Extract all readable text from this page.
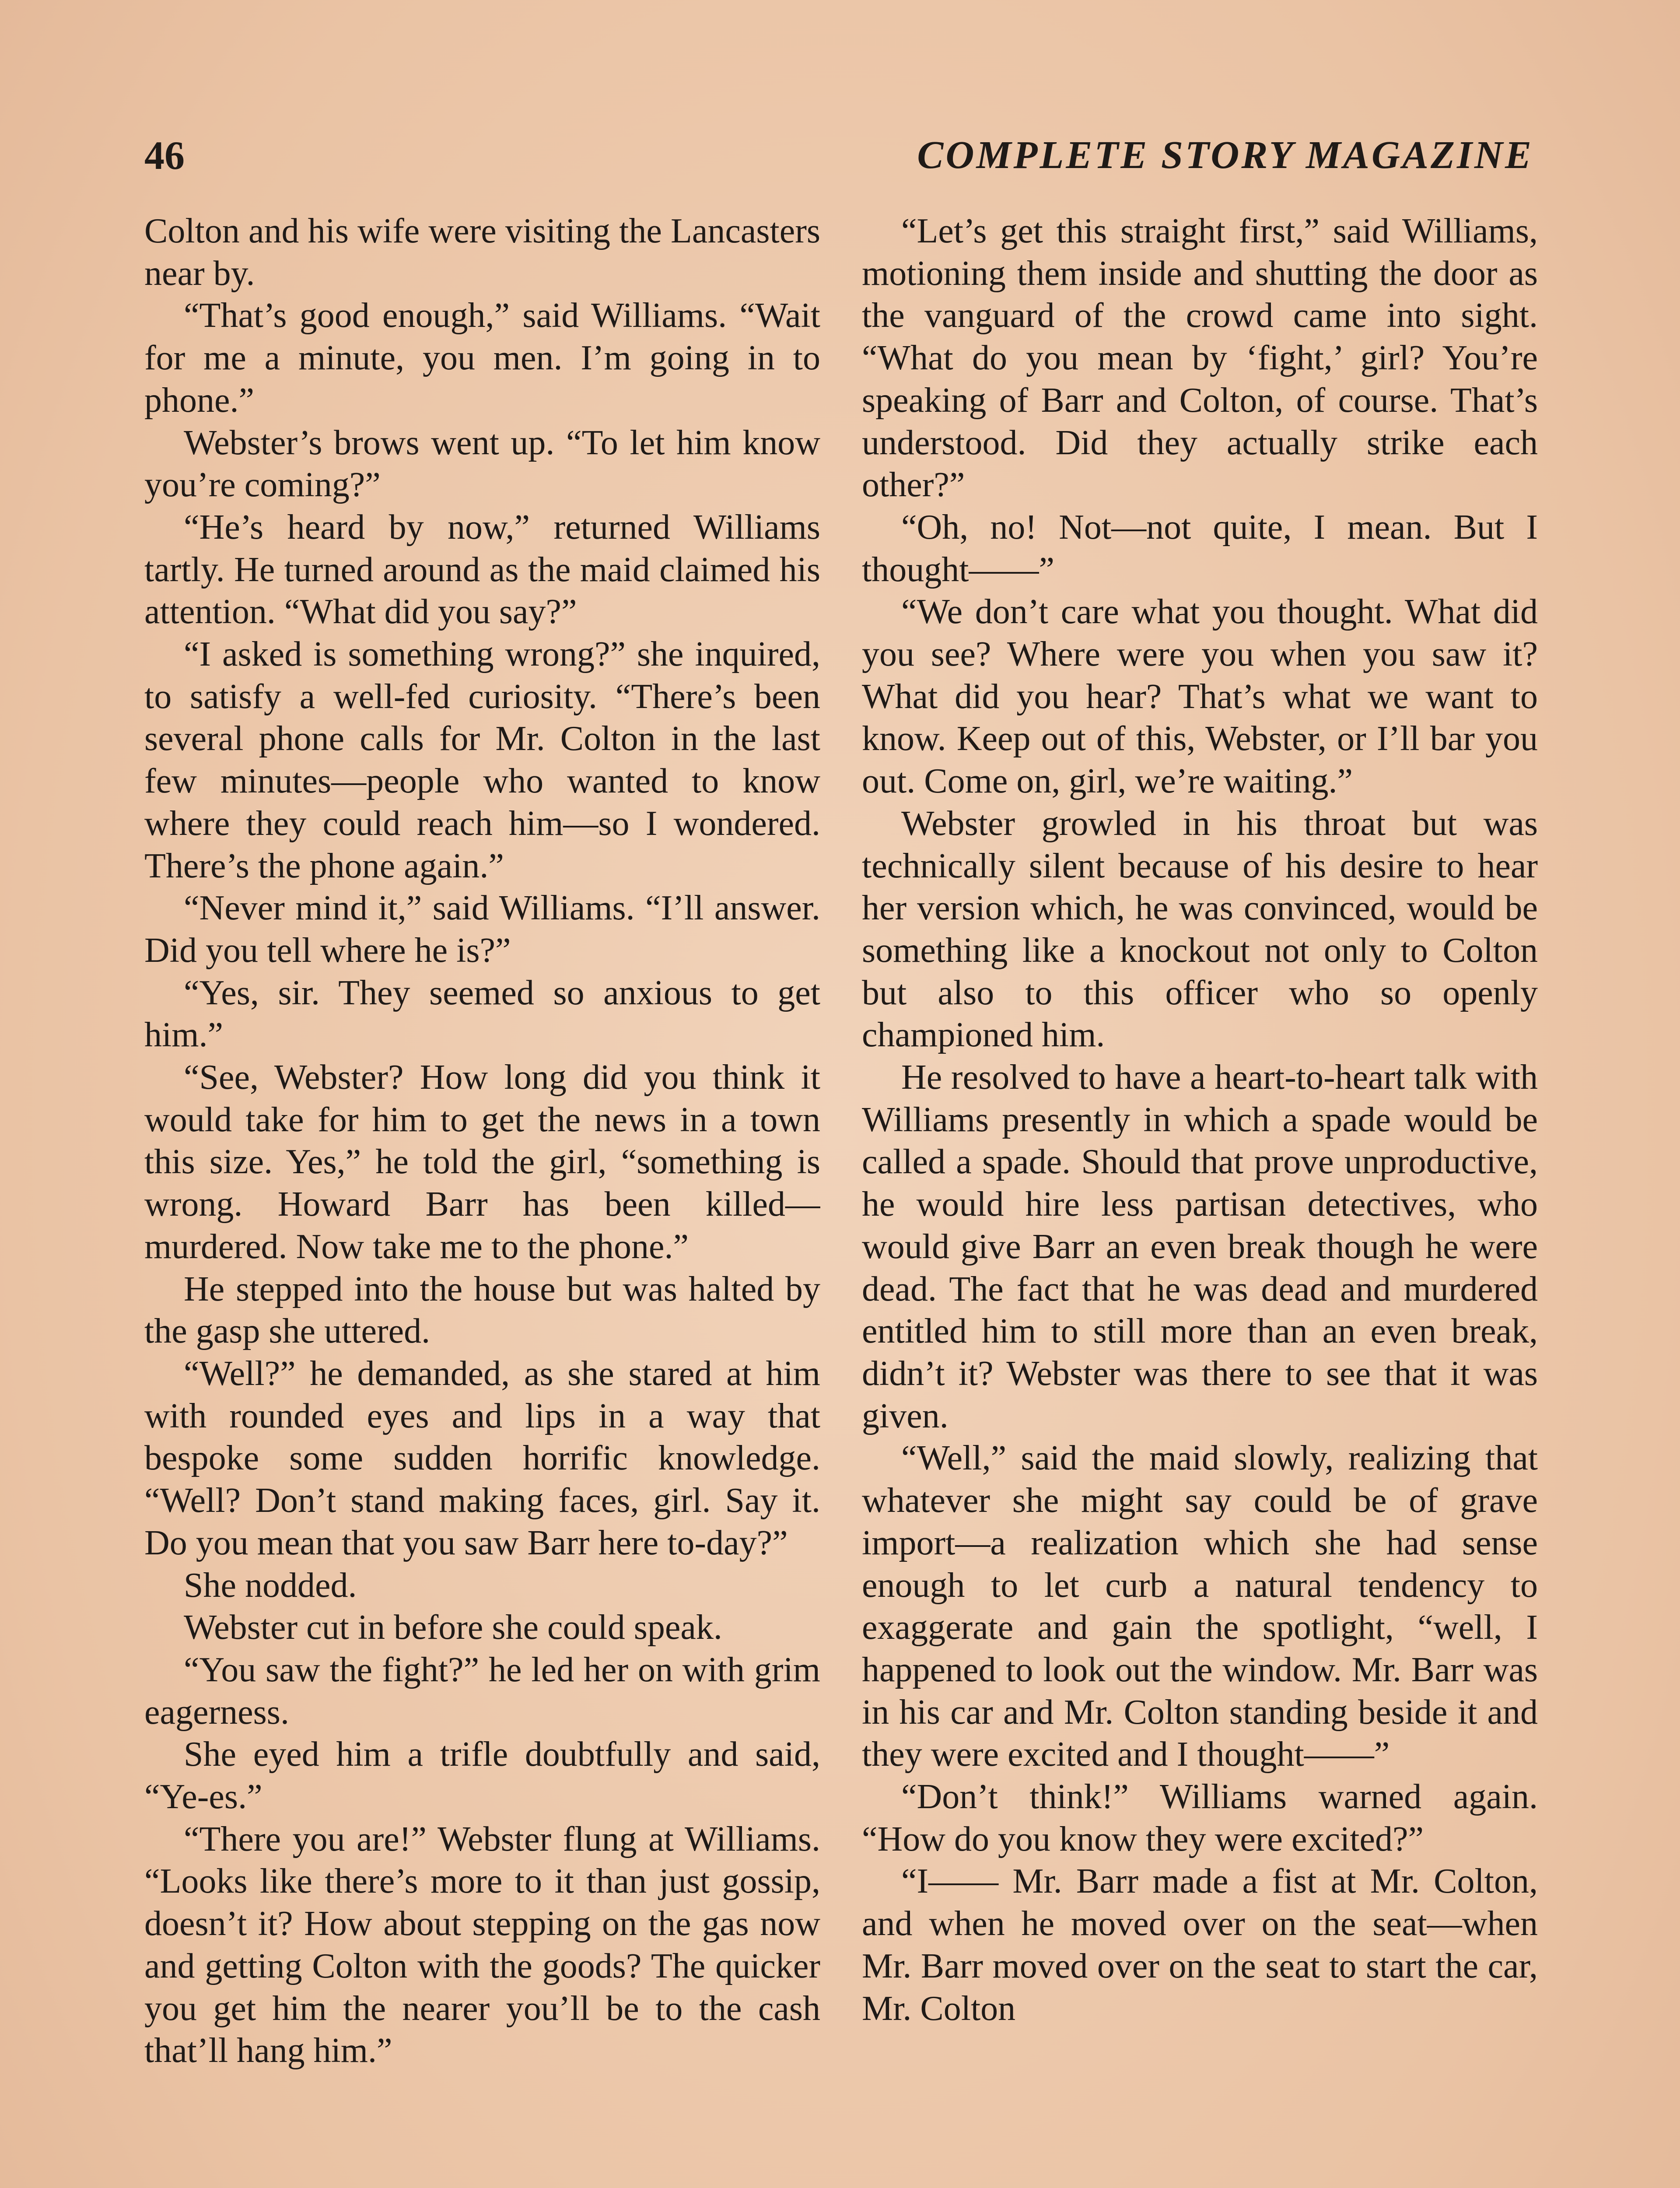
46	COMPLETE STORY MAGAZINE

Colton and his wife were visiting the Lancasters near by.

“That’s good enough,” said Williams. “Wait for me a minute, you men. I’m going in to phone.”

Webster’s brows went up. “To let him know you’re coming?”

“He’s heard by now,” returned Williams tartly. He turned around as the maid claimed his attention. “What did you say?”

“I asked is something wrong?” she inquired, to satisfy a well-fed curiosity. “There’s been several phone calls for Mr. Colton in the last few minutes—people who wanted to know where they could reach him—so I wondered. There’s the phone again.”

“Never mind it,” said Williams. “I’ll answer. Did you tell where he is?”

“Yes, sir. They seemed so anxious to get him.”

“See, Webster? How long did you think it would take for him to get the news in a town this size. Yes,” he told the girl, “something is wrong. Howard Barr has been killed—murdered. Now take me to the phone.”

He stepped into the house but was halted by the gasp she uttered.

“Well?” he demanded, as she stared at him with rounded eyes and lips in a way that bespoke some sudden horrific knowledge. “Well? Don’t stand making faces, girl. Say it. Do you mean that you saw Barr here to-day?”

She nodded.

Webster cut in before she could speak.

“You saw the fight?” he led her on with grim eagerness.

She eyed him a trifle doubtfully and said, “Ye-es.”

“There you are!” Webster flung at Williams. “Looks like there’s more to it than just gossip, doesn’t it? How about stepping on the gas now and getting Colton with the goods? The quicker you get him the nearer you’ll be to the cash that’ll hang him.”

“Let’s get this straight first,” said Williams, motioning them inside and shutting the door as the vanguard of the crowd came into sight. “What do you mean by ‘fight,’ girl? You’re speaking of Barr and Colton, of course. That’s understood. Did they actually strike each other?”

“Oh, no! Not—not quite, I mean. But I thought——”

“We don’t care what you thought. What did you see? Where were you when you saw it? What did you hear? That’s what we want to know. Keep out of this, Webster, or I’ll bar you out. Come on, girl, we’re waiting.”

Webster growled in his throat but was technically silent because of his desire to hear her version which, he was convinced, would be something like a knockout not only to Colton but also to this officer who so openly championed him.

He resolved to have a heart-to-heart talk with Williams presently in which a spade would be called a spade. Should that prove unproductive, he would hire less partisan detectives, who would give Barr an even break though he were dead. The fact that he was dead and murdered entitled him to still more than an even break, didn’t it? Webster was there to see that it was given.

“Well,” said the maid slowly, realizing that whatever she might say could be of grave import—a realization which she had sense enough to let curb a natural tendency to exaggerate and gain the spotlight, “well, I happened to look out the window. Mr. Barr was in his car and Mr. Colton standing beside it and they were excited and I thought——”

“Don’t think!” Williams warned again. “How do you know they were excited?”

“I—— Mr. Barr made a fist at Mr. Colton, and when he moved over on the seat—when Mr. Barr moved over on the seat to start the car, Mr. Colton
